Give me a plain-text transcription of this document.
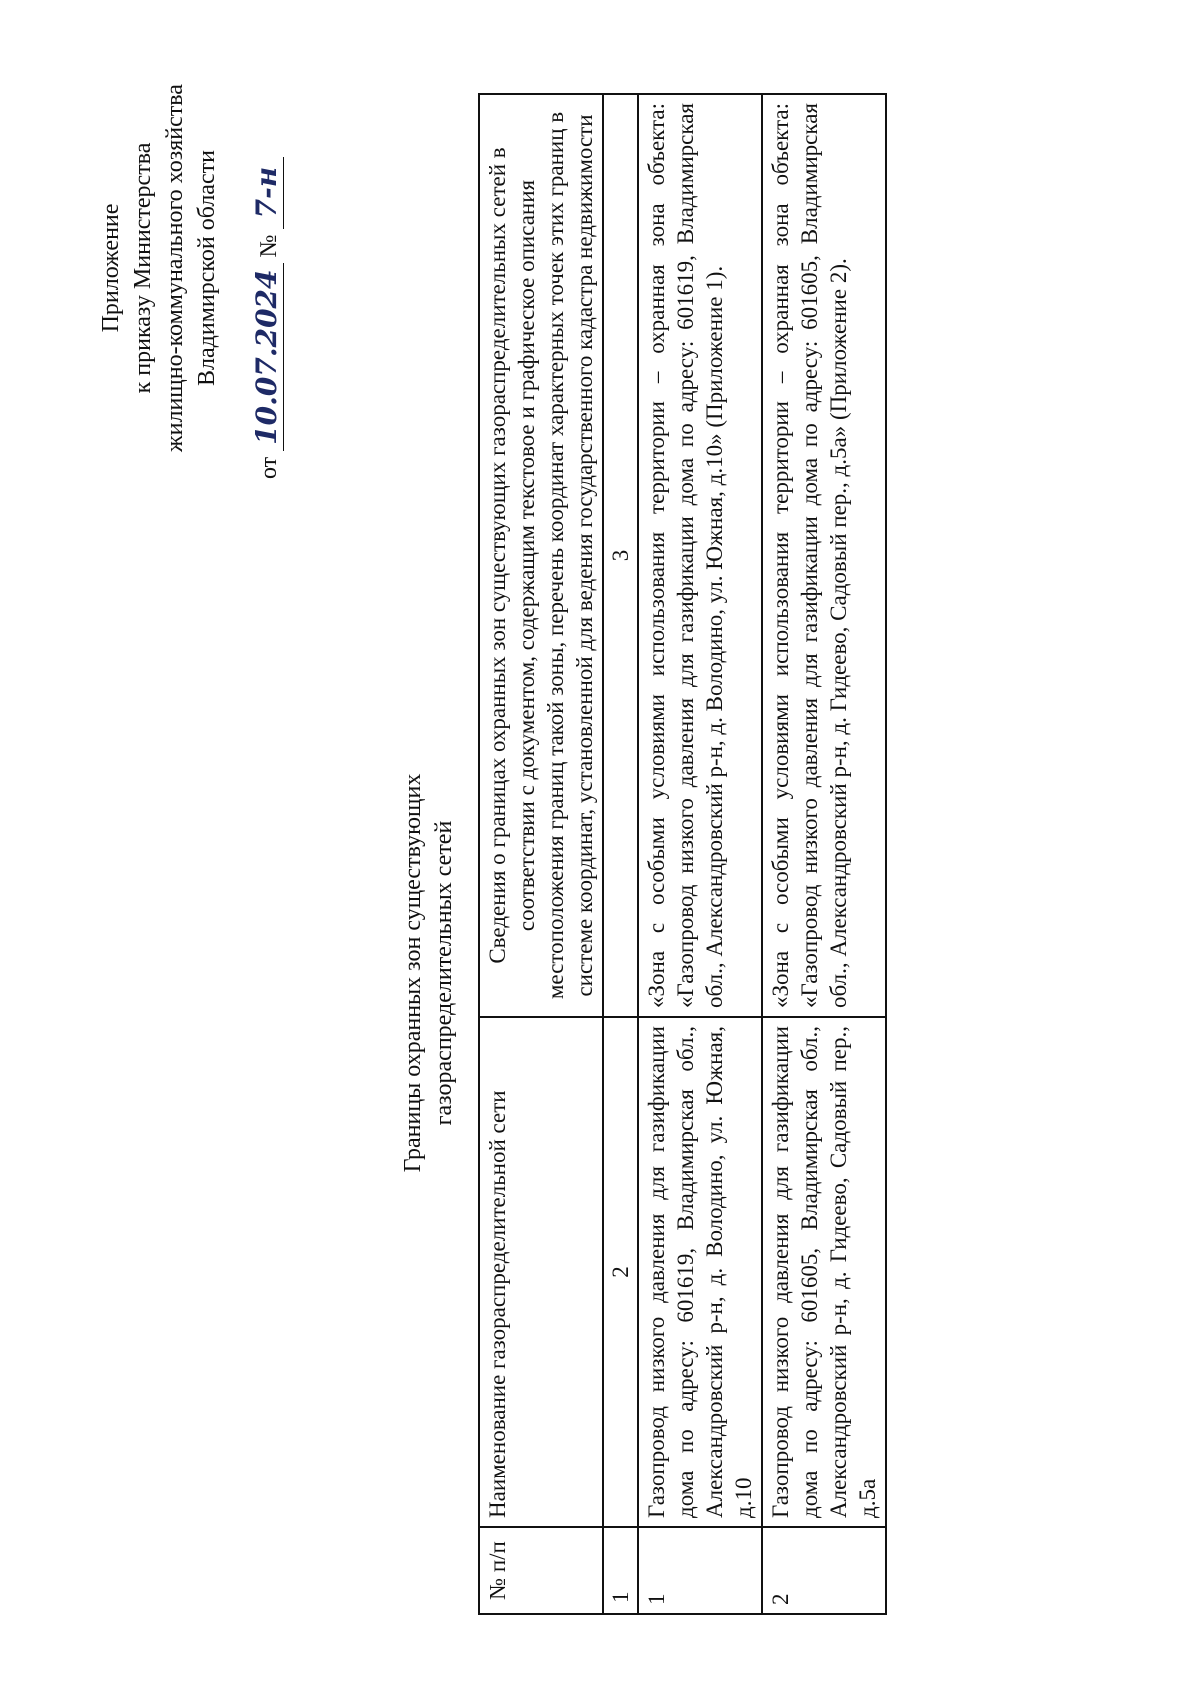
Приложение к приказу Министерства жилищно-коммунального хозяйства Владимирской области
от 10.07.2024 № 7-н
Границы охранных зон существующих газораспределительных сетей
№ п/п	Наименование газораспределительной сети	Сведения о границах охранных зон существующих газораспределительных сетей в соответствии с документом, содержащим текстовое и графическое описания местоположения границ такой зоны, перечень координат характерных точек этих границ в системе координат, установленной для ведения государственного кадастра недвижимости
1	2	3
1	Газопровод низкого давления для газификации дома по адресу: 601619, Владимирская обл., Александровский р-н, д. Володино, ул. Южная, д.10	«Зона с особыми условиями использования территории – охранная зона объекта: «Газопровод низкого давления для газификации дома по адресу: 601619, Владимирская обл., Александровский р-н, д. Володино, ул. Южная, д.10» (Приложение 1).
2	Газопровод низкого давления для газификации дома по адресу: 601605, Владимирская обл., Александровский р-н, д. Гидеево, Садовый пер., д.5а	«Зона с особыми условиями использования территории – охранная зона объекта: «Газопровод низкого давления для газификации дома по адресу: 601605, Владимирская обл., Александровский р-н, д. Гидеево, Садовый пер., д.5а» (Приложение 2).
